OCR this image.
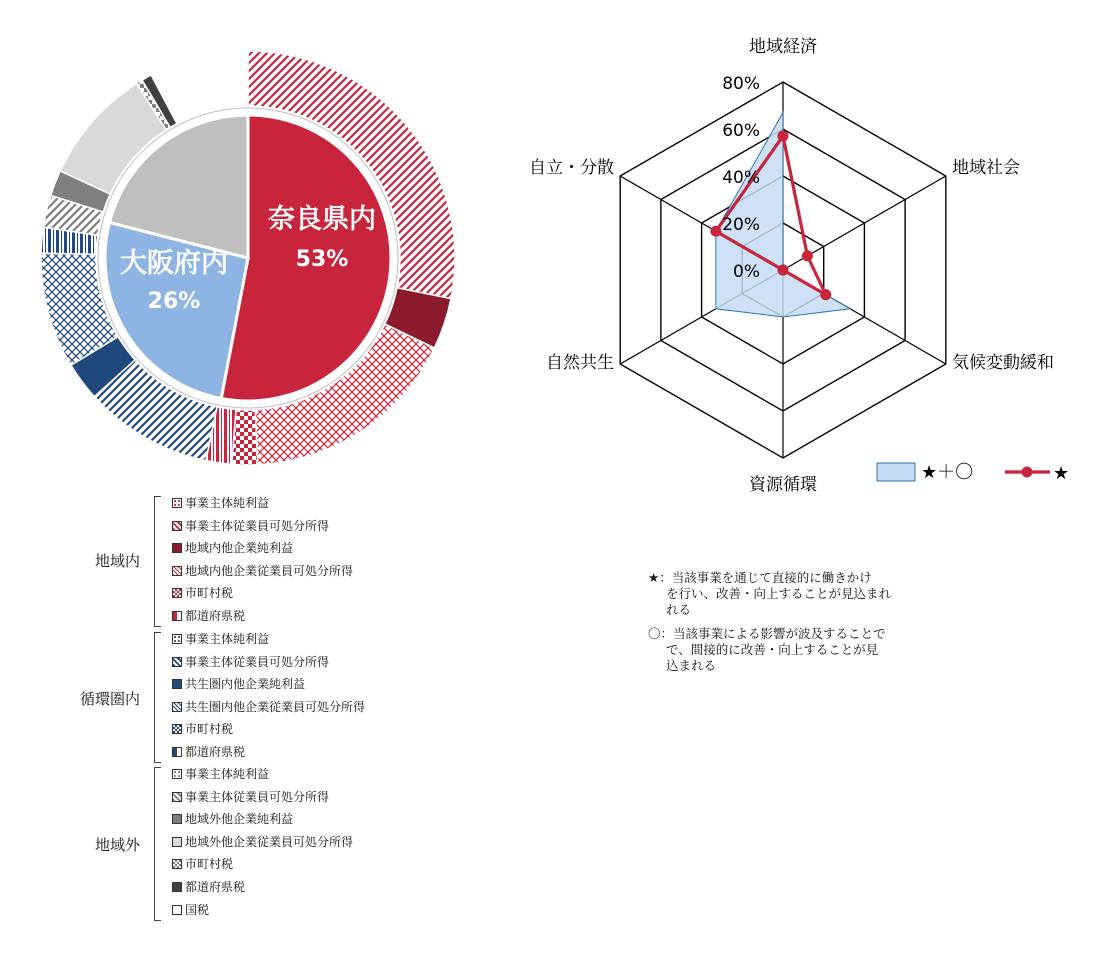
奈良県内
53%
大阪府内
26%
地域経済
地域社会
気候変動緩和
資源循環
自然共生
自立・分散
0%
20%
40%
60%
80%
★＋〇	★
地域内
事業主体純利益
事業主体従業員可処分所得
地域内他企業純利益
地域内他企業従業員可処分所得
市町村税
都道府県税
循環圏内
事業主体純利益
事業主体従業員可処分所得
共生圏内他企業純利益
共生圏内他企業従業員可処分所得
市町村税
都道府県税
地域外
事業主体純利益
事業主体従業員可処分所得
地域外他企業純利益
地域外他企業従業員可処分所得
市町村税
都道府県税
国税
★：当該事業を通じて直接的に働きかけ
を行い、改善・向上することが見込まれ
れる
〇：当該事業による影響が波及することで
で、間接的に改善・向上することが見
込まれる
